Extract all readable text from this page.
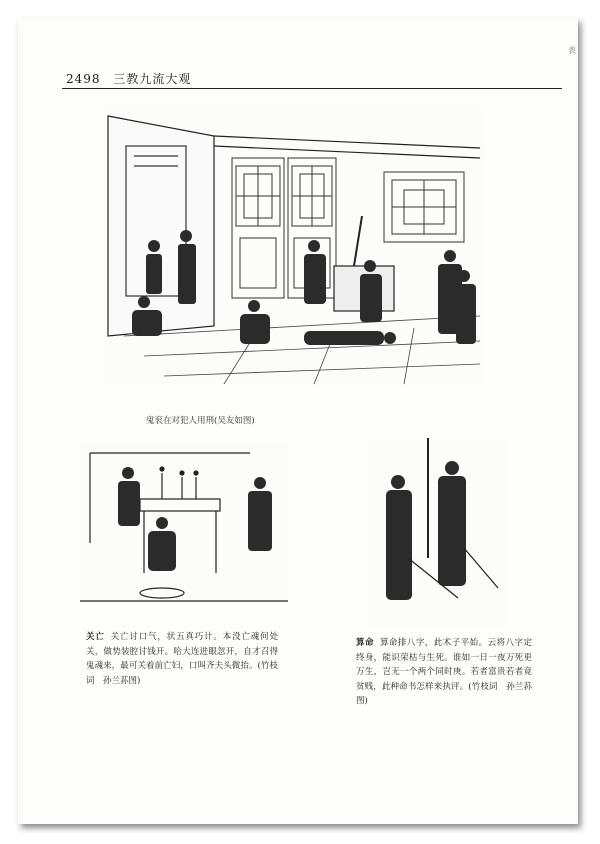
表
2498 三教九流大观
鬼衮在对犯人用刑(吴友如图)
关亡 关亡讨口气，状五真巧计。本没亡魂何处关，做势装腔讨钱开。哈大连进眼忽开，自才召得鬼魂来，最可关着前亡妇，口叫齐夫头微抬。(竹枝词　孙兰荪图)
算命 算命排八字，此术子平始。云将八字定终身，能识荣枯与生死。谁如一日一夜万死更万生，岂无一个两个同时庚。若者富贵若者竟贫贱，此种命书怎样来执评。(竹枝词　孙兰荪图)
